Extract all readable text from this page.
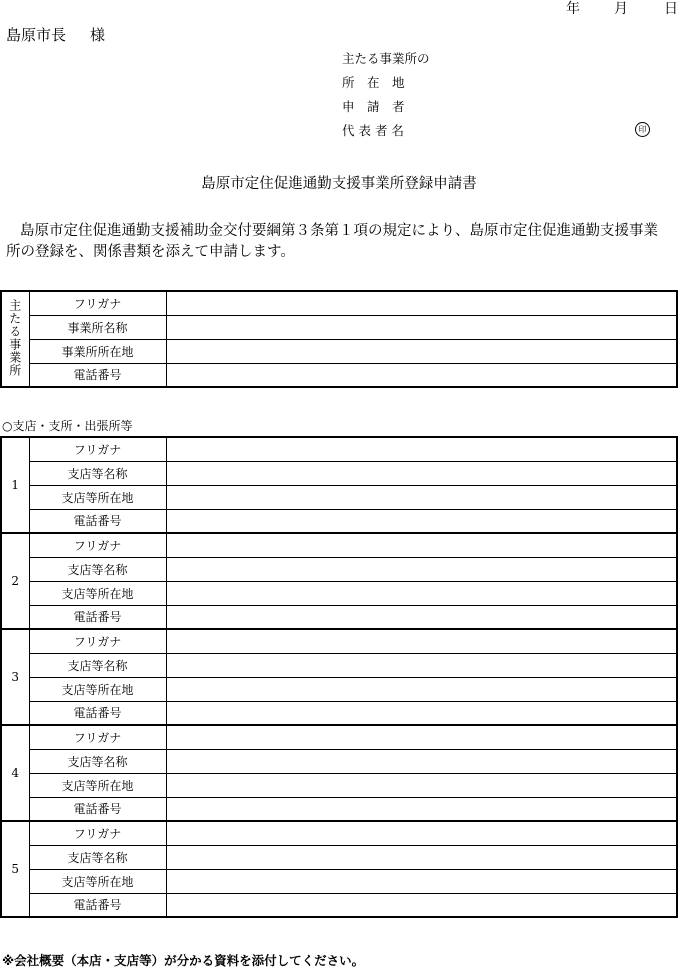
年 月	日
島原市長 様
主たる事業所の
所　在　地
申　請　者
代 表 者 名	印
島原市定住促進通勤支援事業所登録申請書
島原市定住促進通勤支援補助金交付要綱第３条第１項の規定により、島原市定住促進通勤支援事業所の登録を、関係書類を添えて申請します。
主たる事業所	フリガナ	
	事業所名称	
	事業所所在地	
	電話番号	
○支店・支所・出張所等
1	フリガナ	
	支店等名称	
	支店等所在地	
	電話番号	
2	フリガナ	
	支店等名称	
	支店等所在地	
	電話番号	
3	フリガナ	
	支店等名称	
	支店等所在地	
	電話番号	
4	フリガナ	
	支店等名称	
	支店等所在地	
	電話番号	
5	フリガナ	
	支店等名称	
	支店等所在地	
	電話番号	
※会社概要（本店・支店等）が分かる資料を添付してください。
